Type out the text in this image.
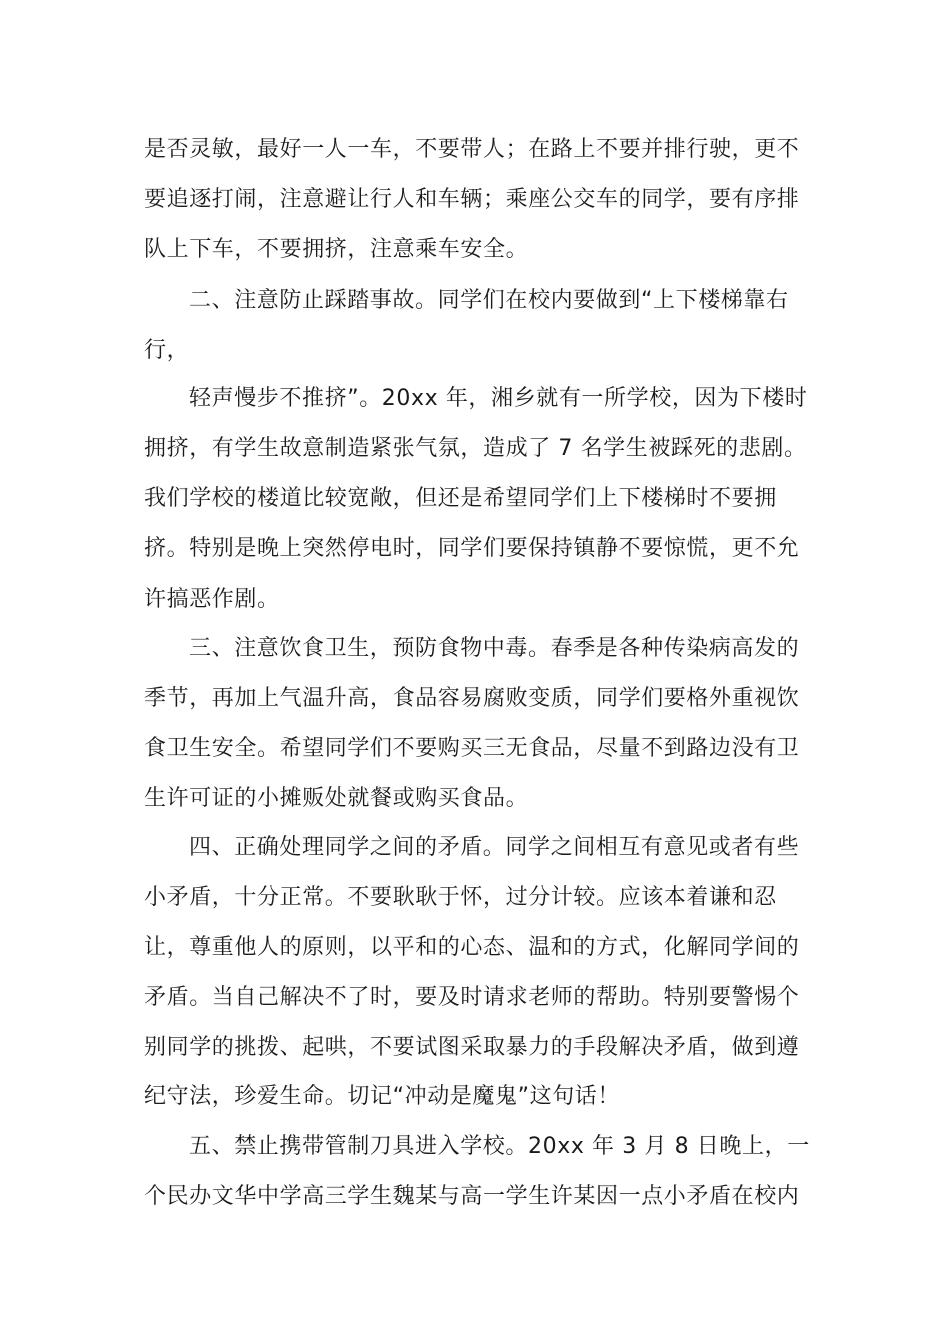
是否灵敏，最好一人一车，不要带人；在路上不要并排行驶，更不
要追逐打闹，注意避让行人和车辆；乘座公交车的同学，要有序排
队上下车，不要拥挤，注意乘车安全。
二、注意防止踩踏事故。同学们在校内要做到“上下楼梯靠右
行，
轻声慢步不推挤”。20xx 年，湘乡就有一所学校，因为下楼时
拥挤，有学生故意制造紧张气氛，造成了 7 名学生被踩死的悲剧。
我们学校的楼道比较宽敞，但还是希望同学们上下楼梯时不要拥
挤。特别是晚上突然停电时，同学们要保持镇静不要惊慌，更不允
许搞恶作剧。
三、注意饮食卫生，预防食物中毒。春季是各种传染病高发的
季节，再加上气温升高，食品容易腐败变质，同学们要格外重视饮
食卫生安全。希望同学们不要购买三无食品，尽量不到路边没有卫
生许可证的小摊贩处就餐或购买食品。
四、正确处理同学之间的矛盾。同学之间相互有意见或者有些
小矛盾，十分正常。不要耿耿于怀，过分计较。应该本着谦和忍
让，尊重他人的原则，以平和的心态、温和的方式，化解同学间的
矛盾。当自己解决不了时，要及时请求老师的帮助。特别要警惕个
别同学的挑拨、起哄，不要试图采取暴力的手段解决矛盾，做到遵
纪守法，珍爱生命。切记“冲动是魔鬼”这句话！
五、禁止携带管制刀具进入学校。20xx 年 3 月 8 日晚上，一
个民办文华中学高三学生魏某与高一学生许某因一点小矛盾在校内
